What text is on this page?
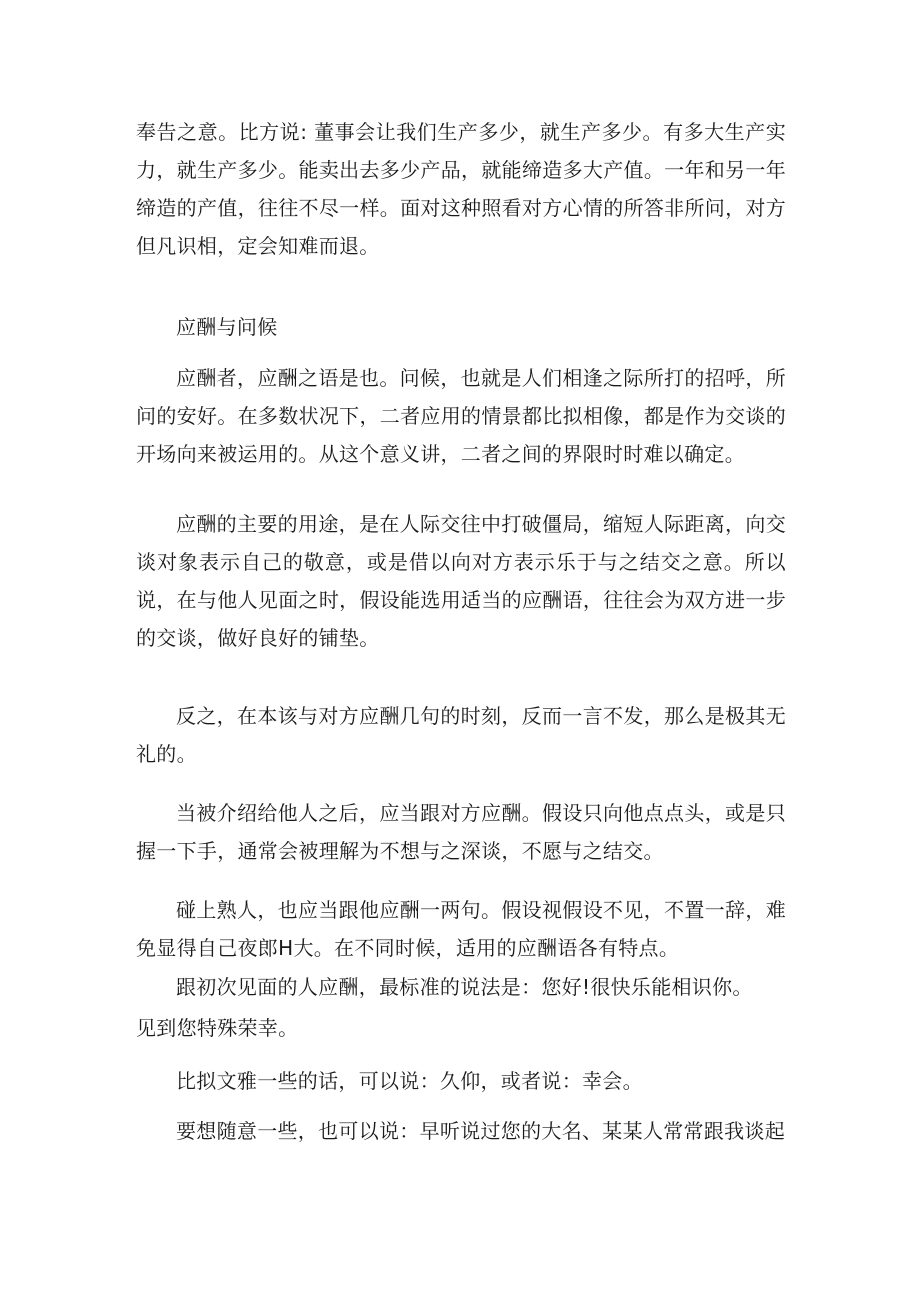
奉告之意。比方说: 董事会让我们生产多少，就生产多少。有多大生产实力，就生产多少。能卖出去多少产品，就能缔造多大产值。一年和另一年缔造的产值，往往不尽一样。面对这种照看对方心情的所答非所问，对方但凡识相，定会知难而退。

应酬与问候

应酬者，应酬之语是也。问候，也就是人们相逢之际所打的招呼，所问的安好。在多数状况下，二者应用的情景都比拟相像，都是作为交谈的开场向来被运用的。从这个意义讲，二者之间的界限时时难以确定。

应酬的主要的用途，是在人际交往中打破僵局，缩短人际距离，向交谈对象表示自己的敬意，或是借以向对方表示乐于与之结交之意。所以说，在与他人见面之时，假设能选用适当的应酬语，往往会为双方进一步的交谈，做好良好的铺垫。

反之，在本该与对方应酬几句的时刻，反而一言不发，那么是极其无礼的。

当被介绍给他人之后，应当跟对方应酬。假设只向他点点头，或是只握一下手，通常会被理解为不想与之深谈，不愿与之结交。

碰上熟人，也应当跟他应酬一两句。假设视假设不见，不置一辞，难免显得自己夜郎H大。在不同时候，适用的应酬语各有特点。

跟初次见面的人应酬，最标准的说法是：您好!很快乐能相识你。

见到您特殊荣幸。

比拟文雅一些的话，可以说：久仰，或者说：幸会。

要想随意一些，也可以说：早听说过您的大名、某某人常常跟我谈起
